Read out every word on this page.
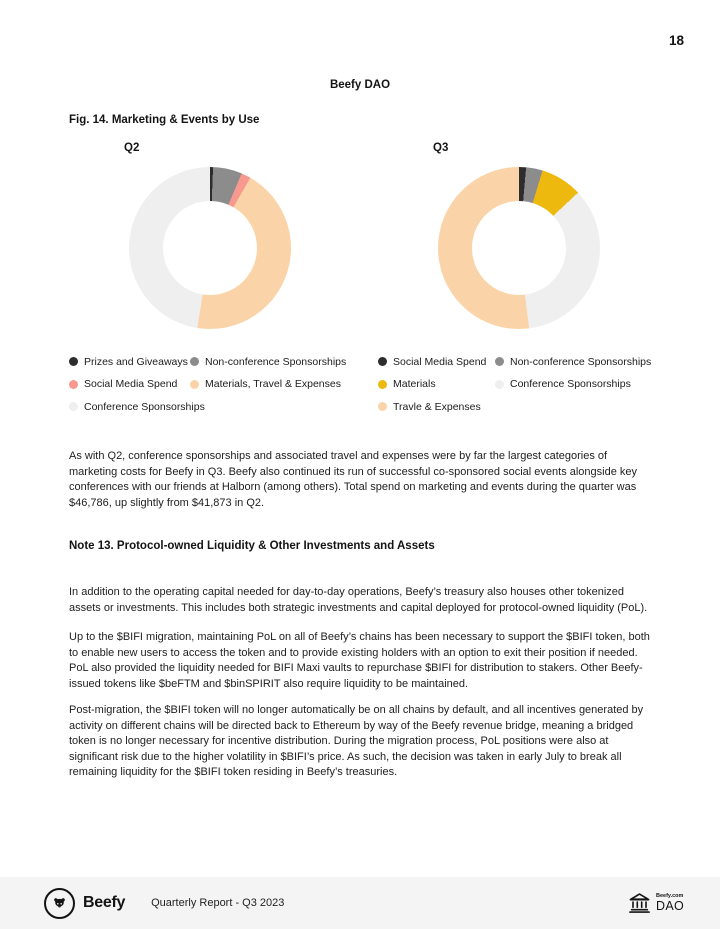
18
Beefy DAO
Fig. 14. Marketing & Events by Use
Q2
Prizes and Giveaways Non-conference Sponsorships
Social Media Spend	Materials, Travel & Expenses
Conference Sponsorships
Q3
Social Media Spend Non-conference Sponsorships
Materials	Conference Sponsorships
Travle & Expenses

As with Q2, conference sponsorships and associated travel and expenses were by far the largest categories of marketing costs for Beefy in Q3. Beefy also continued its run of successful co-sponsored social events alongside key conferences with our friends at Halborn (among others). Total spend on marketing and events during the quarter was $46,786, up slightly from $41,873 in Q2.

Note 13. Protocol-owned Liquidity & Other Investments and Assets

In addition to the operating capital needed for day-to-day operations, Beefy’s treasury also houses other tokenized assets or investments. This includes both strategic investments and capital deployed for protocol-owned liquidity (PoL).

Up to the $BIFI migration, maintaining PoL on all of Beefy’s chains has been necessary to support the $BIFI token, both to enable new users to access the token and to provide existing holders with an option to exit their position if needed. PoL also provided the liquidity needed for BIFI Maxi vaults to repurchase $BIFI for distribution to stakers. Other Beefy-issued tokens like $beFTM and $binSPIRIT also require liquidity to be maintained.

Post-migration, the $BIFI token will no longer automatically be on all chains by default, and all incentives generated by activity on different chains will be directed back to Ethereum by way of the Beefy revenue bridge, meaning a bridged token is no longer necessary for incentive distribution. During the migration process, PoL positions were also at significant risk due to the higher volatility in $BIFI’s price. As such, the decision was taken in early July to break all remaining liquidity for the $BIFI token residing in Beefy’s treasuries.

Beefy Quarterly Report - Q3 2023
Beefy.com
DAO
